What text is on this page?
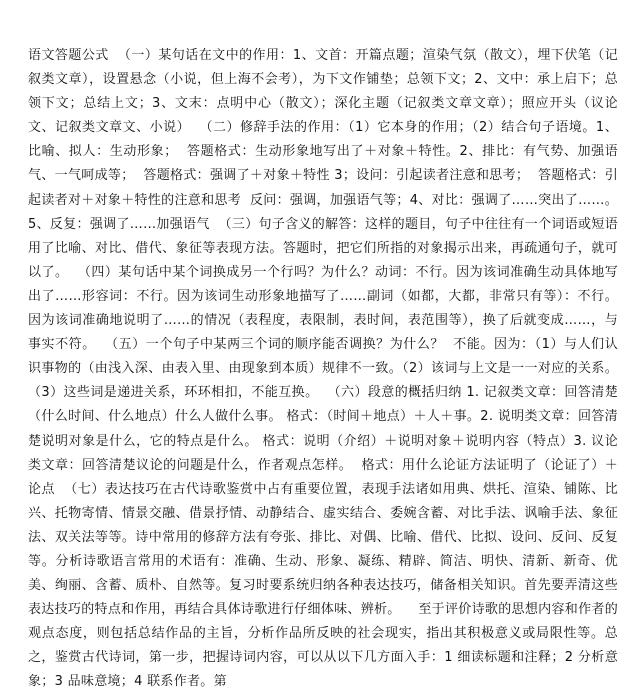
语文答题公式  （一）某句话在文中的作用：1、文首：开篇点题；渲染气氛（散文），埋下伏笔（记叙类文章），设置悬念（小说，但上海不会考），为下文作铺垫；总领下文；2、文中：承上启下；总领下文；总结上文；3、文末：点明中心（散文）；深化主题（记叙类文章文章）；照应开头（议论文、记叙类文章文、小说）  （二）修辞手法的作用：（1）它本身的作用；（2）结合句子语境。1、比喻、拟人：生动形象；  答题格式：生动形象地写出了＋对象＋特性。2、排比：有气势、加强语气、一气呵成等；  答题格式：强调了＋对象＋特性 3；设问：引起读者注意和思考；  答题格式：引起读者对＋对象＋特性的注意和思考  反问：强调，加强语气等；4、对比：强调了……突出了……。5、反复：强调了……加强语气  （三）句子含义的解答：这样的题目，句子中往往有一个词语或短语用了比喻、对比、借代、象征等表现方法。答题时，把它们所指的对象揭示出来，再疏通句子，就可以了。  （四）某句话中某个词换成另一个行吗？为什么？动词：不行。因为该词准确生动具体地写出了……形容词：不行。因为该词生动形象地描写了……副词（如都，大都，非常只有等）：不行。因为该词准确地说明了……的情况（表程度，表限制，表时间，表范围等），换了后就变成……，与事实不符。  （五）一个句子中某两三个词的顺序能否调换？为什么？  不能。因为：（1）与人们认识事物的（由浅入深、由表入里、由现象到本质）规律不一致。（2）该词与上文是一一对应的关系。（3）这些词是递进关系，环环相扣，不能互换。  （六）段意的概括归纳 1. 记叙类文章：回答清楚（什么时间、什么地点）什么人做什么事。 格式：（时间＋地点）＋人＋事。2. 说明类文章：回答清楚说明对象是什么，它的特点是什么。 格式：说明（介绍）＋说明对象＋说明内容（特点）3. 议论类文章：回答清楚议论的问题是什么，作者观点怎样。  格式：用什么论证方法证明了（论证了）＋论点  （七）表达技巧在古代诗歌鉴赏中占有重要位置，表现手法诸如用典、烘托、渲染、铺陈、比兴、托物寄情、情景交融、借景抒情、动静结合、虚实结合、委婉含蓄、对比手法、讽喻手法、象征法、双关法等等。诗中常用的修辞方法有夸张、排比、对偶、比喻、借代、比拟、设问、反问、反复等。分析诗歌语言常用的术语有：准确、生动、形象、凝练、精辟、简洁、明快、清新、新奇、优美、绚丽、含蓄、质朴、自然等。复习时要系统归纳各种表达技巧，储备相关知识。首先要弄清这些表达技巧的特点和作用，再结合具体诗歌进行仔细体味、辨析。    至于评价诗歌的思想内容和作者的观点态度，则包括总结作品的主旨，分析作品所反映的社会现实，指出其积极意义或局限性等。总之，鉴赏古代诗词，第一步，把握诗词内容，可以从以下几方面入手：1 细读标题和注释；2 分析意象；3 品味意境；4 联系作者。第
